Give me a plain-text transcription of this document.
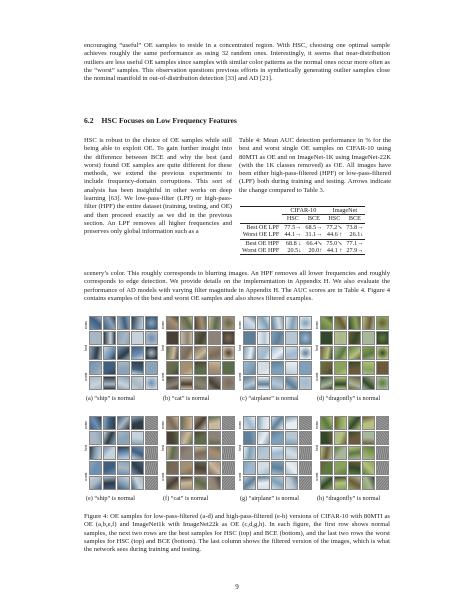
encouraging “useful” OE samples to reside in a concentrated region. With HSC, choosing one optimal sample achieves roughly the same performance as using 32 random ones. Interestingly, it seems that near-distribution outliers are less useful OE samples since samples with similar color patterns as the normal ones occur more often as the “worst” samples. This observation questions previous efforts in synthetically generating outlier samples close the nominal manifold in out-of-distribution detection [33] and AD [21].

6.2 HSC Focuses on Low Frequency Features

HSC is robust to the choice of OE samples while still being able to exploit OE. To gain further insight into the difference between BCE and why the best (and worst) found OE samples are quite different for these methods, we extend the previous experiments to include frequency-domain corruptions. This sort of analysis has been insightful in other works on deep learning [63]. We low-pass-filter (LPF) or high-pass-filter (HPF) the entire dataset (training, testing, and OE) and then proceed exactly as we did in the previous section. An LPF removes all higher frequencies and preserves only global information such as a

Table 4: Mean AUC detection performance in % for the best and worst single OE samples on CIFAR-10 using 80MTI as OE and on ImageNet-1K using ImageNet-22K (with the 1K classes removed) as OE. All images have been either high-pass-filtered (HPF) or low-pass-filtered (LPF) both during training and testing. Arrows indicate the change compared to Table 3.

	CIFAR-10		ImageNet	
	HSC	BCE	HSC	BCE
Best OE LPF	77.5→	68.5→	77.2↘	73.8→
Worst OE LPF	44.1→	31.1→	44.6 ↑	26.1↓
Best OE HPF	68.8 ↓	66.4↘	75.0↘	77.1→
Worst OE HPF	20.5↓	20.0↑	44.1 ↑	27.9→

scenery’s color. This roughly corresponds to blurring images. An HPF removes all lower frequencies and roughly corresponds to edge detection. We provide details on the implementation in Appendix H. We also evaluate the performance of AD models with varying filter magnitude in Appendix H. The AUC scores are in Table 4. Figure 4 contains examples of the best and worst OE samples and also shows filtered examples.

norm
best
worst
(a) “ship” is normal
norm
best
worst
(b) “cat” is normal
norm
best
worst
(c) “airplane” is normal
norm
best
worst
(d) “dragonfly” is normal
norm
best
worst
(e) “ship” is normal
norm
best
worst
(f) “cat” is normal
norm
best
worst
(g) “airplane” is normal
norm
best
worst
(h) “dragonfly” is normal

Figure 4: OE samples for low-pass-filtered (a-d) and high-pass-filtered (e-h) versions of CIFAR-10 with 80MTI as OE (a,b,e,f) and ImageNet1k with ImageNet22k as OE (c,d,g,h). In each figure, the first row shows normal samples, the next two rows are the best samples for HSC (top) and BCE (bottom), and the last two rows the worst samples for HSC (top) and BCE (bottom). The last column shows the filtered version of the images, which is what the network sees during training and testing.

9
